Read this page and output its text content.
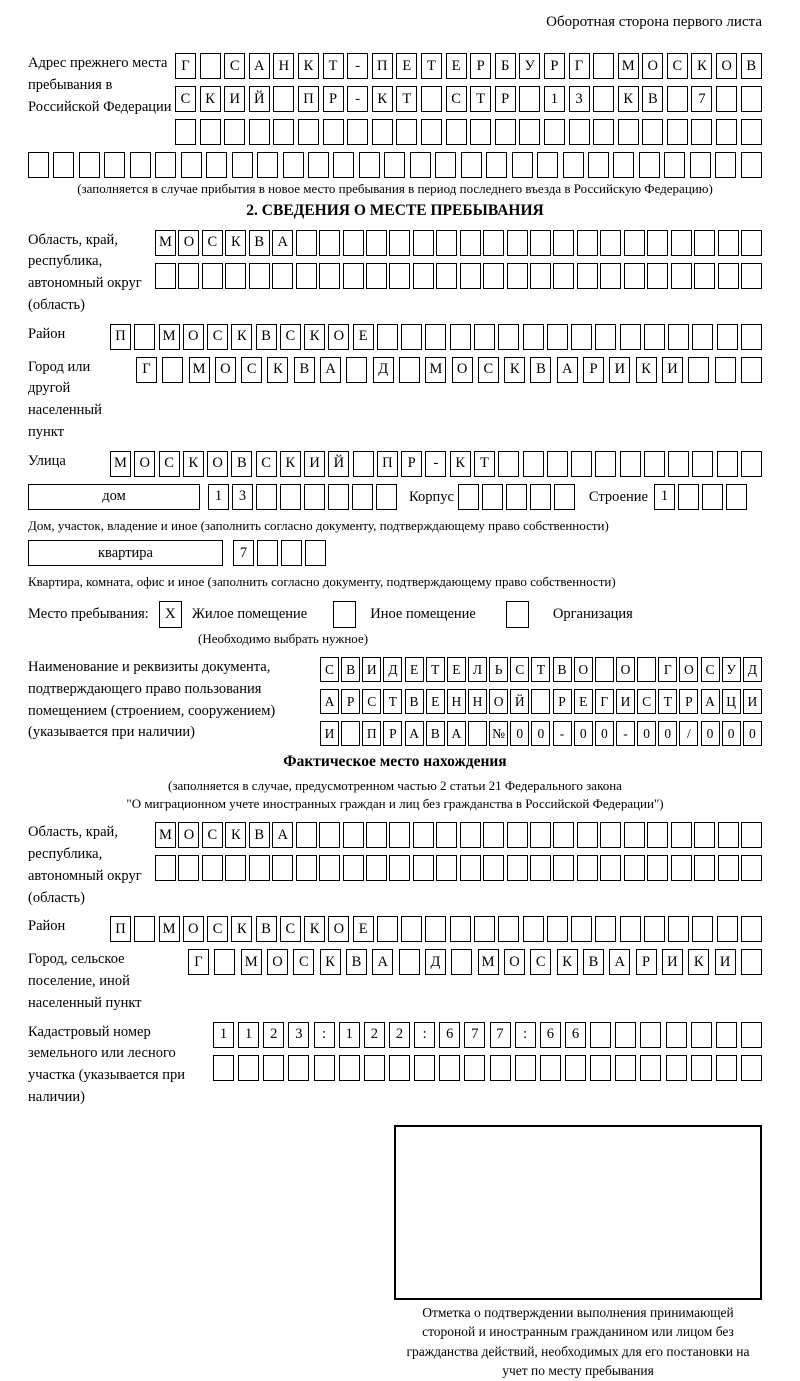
Оборотная сторона первого листа
Адрес прежнего места пребывания в Российской Федерации
Г	С	А Н	К	Т	-	П	Е	Т	Е	Р	Б	У	Р	Г	М О	С	К	О	В
С	К	И Й	П	Р	-	К	Т	С	Т	Р	1	3	К	В	7
(заполняется в случае прибытия в новое место пребывания в период последнего въезда в Российскую Федерацию)
2. СВЕДЕНИЯ О МЕСТЕ ПРЕБЫВАНИЯ
Область, край, республика, автономный округ (область)
М О С К В А
Район	П	М О С	К	В	С	К О	Е
Город или другой населенный пункт
Г	М	О	С	К	В	А	Д	М	О	С	К	В	А	Р	И	К	И
Улица	М О С	К О В	С	К И Й	П	Р	-	К	Т
дом	1	3	Корпус	Строение 1
Дом, участок, владение и иное (заполнить согласно документу, подтверждающему право собственности)
квартира	7
Квартира, комната, офис и иное (заполнить согласно документу, подтверждающему право собственности)
Место пребывания:	X	Жилое помещение	Иное помещение	Организация
(Необходимо выбрать нужное)
Наименование и реквизиты документа, подтверждающего право пользования помещением (строением, сооружением) (указывается при наличии)
С В И Д Е Т Е Л Ь С Т В О	О	Г О С У Д
А Р С Т В Е Н Н О Й	Р Е Г И С Т Р А Ц И
И	П Р А В А	№ 0	0	-	0	0	-	0	0	/	0	0	0
Фактическое место нахождения
(заполняется в случае, предусмотренном частью 2 статьи 21 Федерального закона
"О миграционном учете иностранных граждан и лиц без гражданства в Российской Федерации")
Область, край, республика, автономный округ (область)
М О С К В А
Район	П	М О С	К	В	С	К О	Е
Город, сельское поселение, иной населенный пункт
Г	М	О	С	К	В	А	Д	М	О	С	К	В	А	Р	И	К	И
Кадастровый номер земельного или лесного участка (указывается при наличии)
1	1	2	3	:	1	2	2	:	6	7	7	:	6	6
Отметка о подтверждении выполнения принимающей стороной и иностранным гражданином или лицом без гражданства действий, необходимых для его постановки на учет по месту пребывания
